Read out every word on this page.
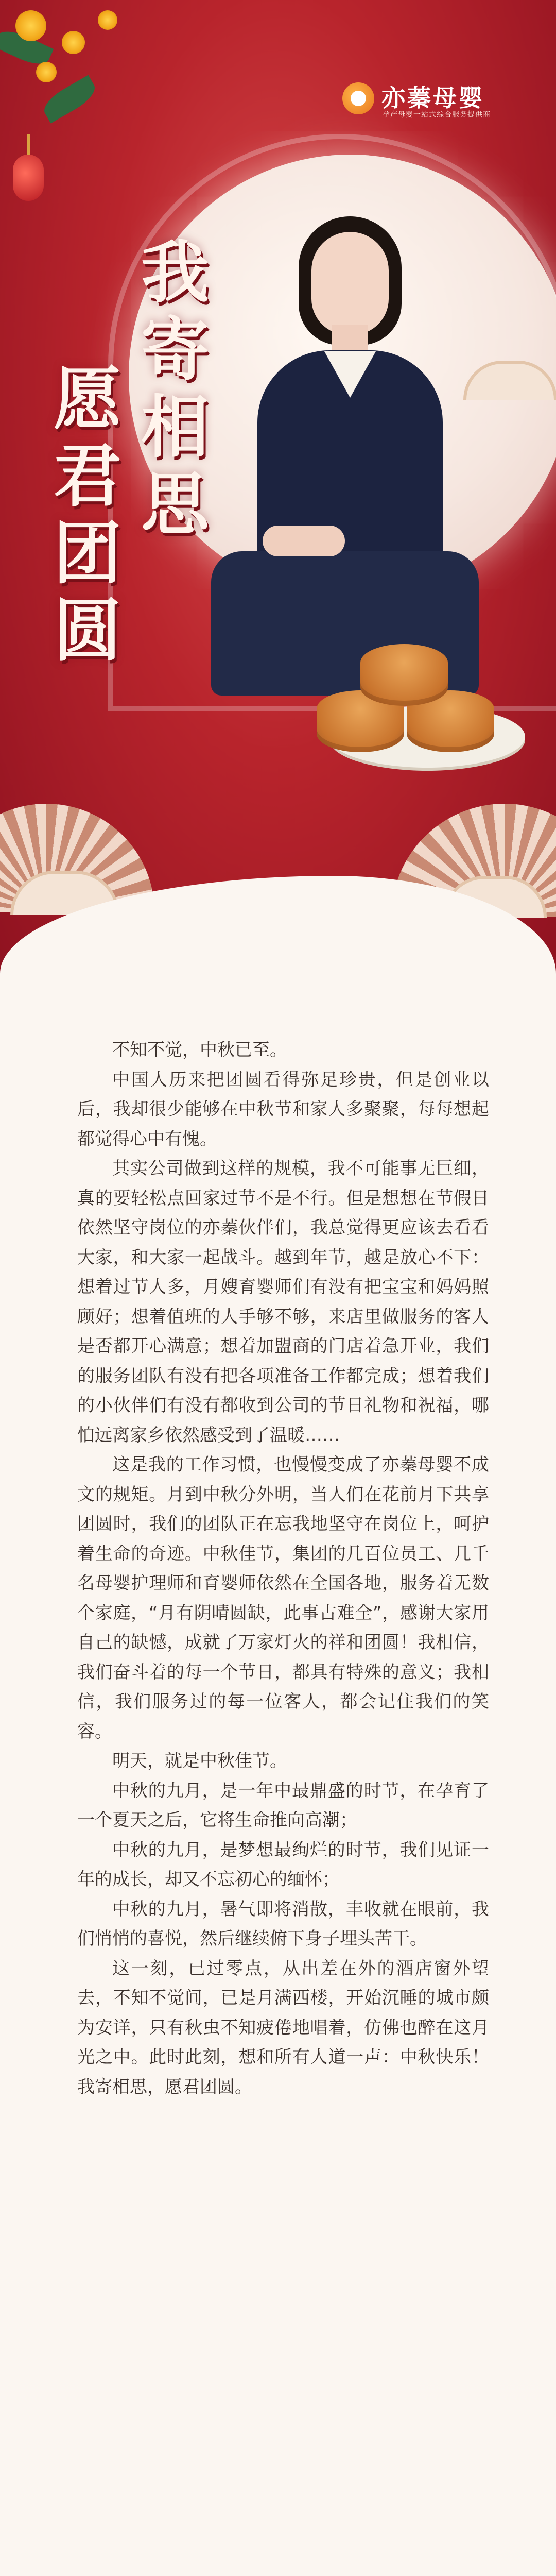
亦蓁母婴
孕产母婴一站式综合服务提供商
我寄相思
愿君团圆

不知不觉，中秋已至。

中国人历来把团圆看得弥足珍贵，但是创业以后，我却很少能够在中秋节和家人多聚聚，每每想起都觉得心中有愧。

其实公司做到这样的规模，我不可能事无巨细，真的要轻松点回家过节不是不行。但是想想在节假日依然坚守岗位的亦蓁伙伴们，我总觉得更应该去看看大家，和大家一起战斗。越到年节，越是放心不下：想着过节人多，月嫂育婴师们有没有把宝宝和妈妈照顾好；想着值班的人手够不够，来店里做服务的客人是否都开心满意；想着加盟商的门店着急开业，我们的服务团队有没有把各项准备工作都完成；想着我们的小伙伴们有没有都收到公司的节日礼物和祝福，哪怕远离家乡依然感受到了温暖……

这是我的工作习惯，也慢慢变成了亦蓁母婴不成文的规矩。月到中秋分外明，当人们在花前月下共享团圆时，我们的团队正在忘我地坚守在岗位上，呵护着生命的奇迹。中秋佳节，集团的几百位员工、几千名母婴护理师和育婴师依然在全国各地，服务着无数个家庭，“月有阴晴圆缺，此事古难全”，感谢大家用自己的缺憾，成就了万家灯火的祥和团圆！我相信，我们奋斗着的每一个节日，都具有特殊的意义；我相信，我们服务过的每一位客人，都会记住我们的笑容。

明天，就是中秋佳节。

中秋的九月，是一年中最鼎盛的时节，在孕育了一个夏天之后，它将生命推向高潮；

中秋的九月，是梦想最绚烂的时节，我们见证一年的成长，却又不忘初心的缅怀；

中秋的九月，暑气即将消散，丰收就在眼前，我们悄悄的喜悦，然后继续俯下身子埋头苦干。

这一刻，已过零点，从出差在外的酒店窗外望去，不知不觉间，已是月满西楼，开始沉睡的城市颇为安详，只有秋虫不知疲倦地唱着，仿佛也醉在这月光之中。此时此刻，想和所有人道一声：中秋快乐！我寄相思，愿君团圆。
